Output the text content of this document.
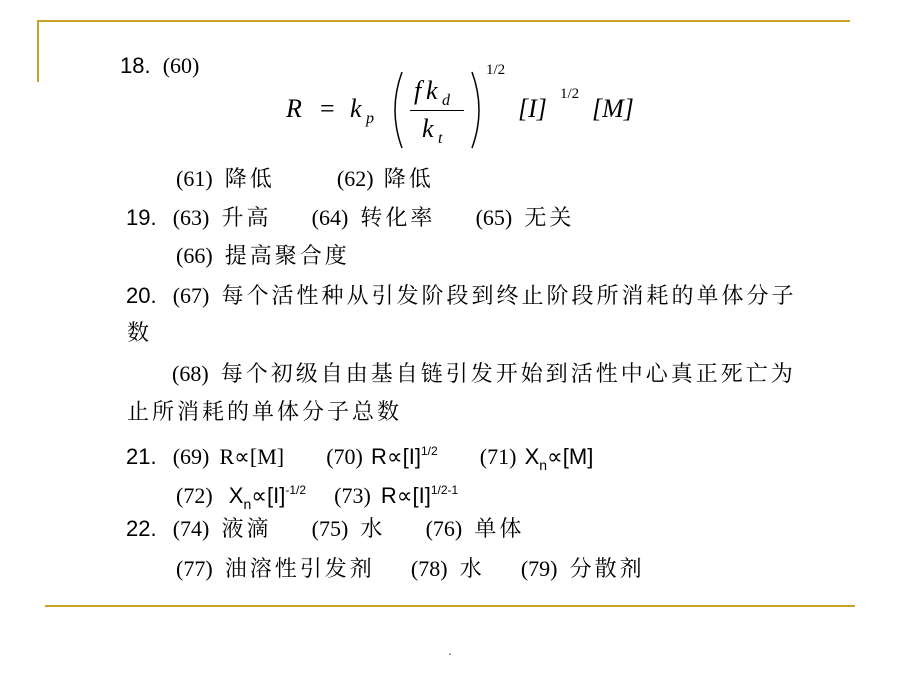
18. (60)
R = k p
f k d
k t
1/2
[I] 1/2 [M]
(61) 降低	(62) 降低
19. (63) 升高 (64) 转化率 (65) 无关
(66) 提高聚合度
20. (67) 每个活性种从引发阶段到终止阶段所消耗的单体分子
数
(68) 每个初级自由基自链引发开始到活性中心真正死亡为
止所消耗的单体分子总数
21. (69) R∝[M] (70) $R\propto[I]^{1/2}$ (71) $X_n\propto[M]$
(72) $X_n\propto[I]^{-1/2}$ (73) $R\propto[I]^{1/2-1}$
22. (74) 液滴 (75) 水 (76) 单体
(77) 油溶性引发剂 (78) 水 (79) 分散剂
.
